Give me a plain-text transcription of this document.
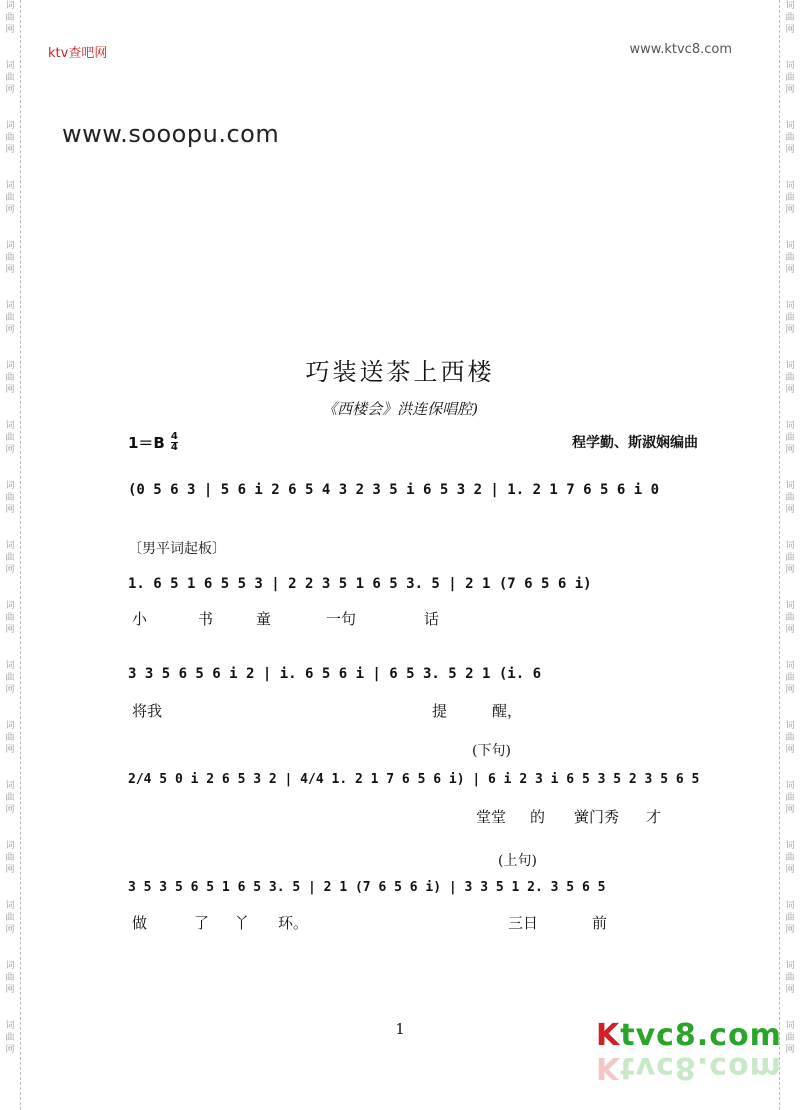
词
曲
网
词
曲
网
词
曲
网
词
曲
网
词
曲
网
词
曲
网
词
曲
网
词
曲
网
词
曲
网
词
曲
网
词
曲
网
词
曲
网
词
曲
网
词
曲
网
词
曲
网
词
曲
网
词
曲
网
词
曲
网
词
曲
网
词
曲
网
词
曲
网
词
曲
网
词
曲
网
词
曲
网
词
曲
网
词
曲
网
词
曲
网
词
曲
网
词
曲
网
词
曲
网
词
曲
网
词
曲
网
词
曲
网
词
曲
网
词
曲
网
词
曲
网
ktv查吧网	www.ktvc8.com
www.sooopu.com
巧装送茶上西楼
《西楼会》洪连保唱腔)
$1=B \frac{4}{4}$	程学勤、斯淑娴编曲
(0 5 6 3 | 5 6 i 2 6 5 4 3 2 3 5 i 6 5 3 2 | 1. 2 1 7 6 5 6 i 0
〔男平词起板〕
1. 6 5 1 6 5 5 3 | 2 2 3 5 1 6 5 3. 5 | 2 1 (7 6 5 6 i)
小	书	童	一句	话
3 3 5 6 5 6 i 2 | i. 6 5 6 i | 6 5 3. 5 2 1 (i. 6
将我	提	醒，
(下句)
2/4 5 0 i 2 6 5 3 2 | 4/4 1. 2 1 7 6 5 6 i) | 6 i 2 3 i 6 5 3 5 2 3 5 6 5
堂堂 的 黉门秀 才
(上句)
3 5 3 5 6 5 1 6 5 3. 5 | 2 1 (7 6 5 6 i) | 3 3 5 1 2. 3 5 6 5
做	了 丫 环。	三日	前
1	Ktvc8.com
Ktvc8.com
